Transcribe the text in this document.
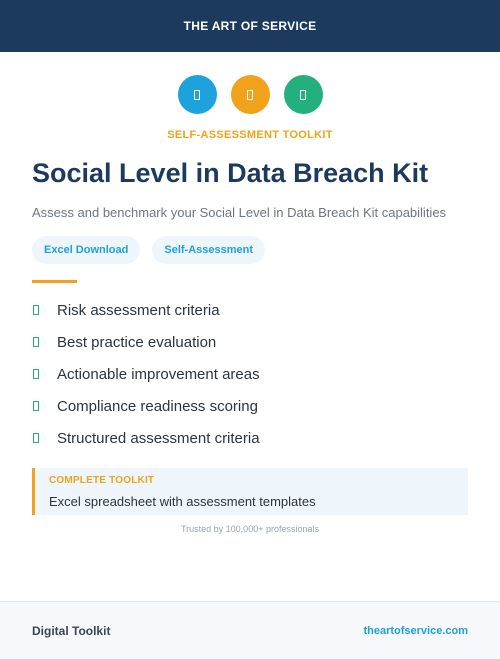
THE ART OF SERVICE
SELF-ASSESSMENT TOOLKIT
Social Level in Data Breach Kit
Assess and benchmark your Social Level in Data Breach Kit capabilities
Excel Download	Self-Assessment
Risk assessment criteria
Best practice evaluation
Actionable improvement areas
Compliance readiness scoring
Structured assessment criteria
COMPLETE TOOLKIT
Excel spreadsheet with assessment templates
Trusted by 100,000+ professionals
Digital Toolkit	theartofservice.com
